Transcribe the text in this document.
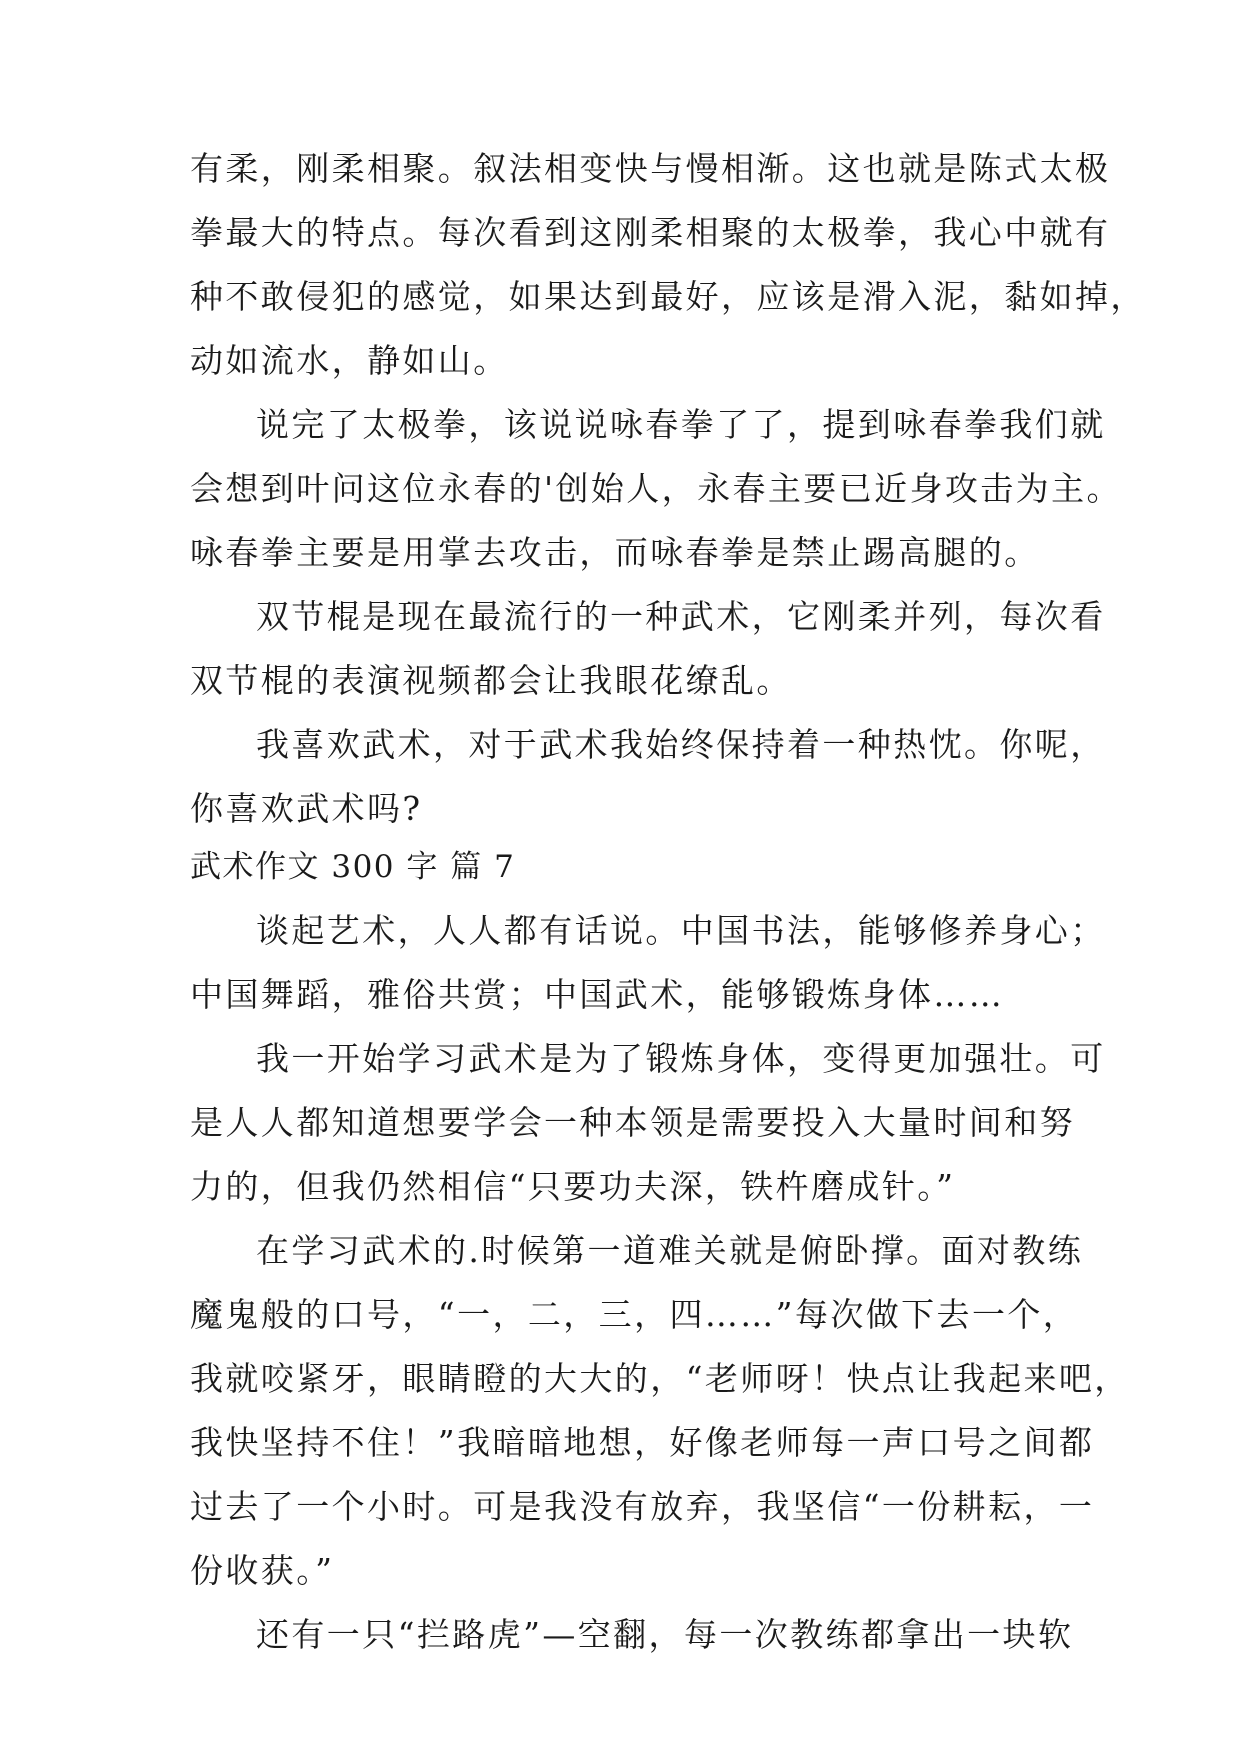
有柔，刚柔相聚。叙法相变快与慢相渐。这也就是陈式太极
拳最大的特点。每次看到这刚柔相聚的太极拳，我心中就有
种不敢侵犯的感觉，如果达到最好，应该是滑入泥，黏如掉，
动如流水，静如山。
说完了太极拳，该说说咏春拳了了，提到咏春拳我们就
会想到叶问这位永春的'创始人，永春主要已近身攻击为主。
咏春拳主要是用掌去攻击，而咏春拳是禁止踢高腿的。
双节棍是现在最流行的一种武术，它刚柔并列，每次看
双节棍的表演视频都会让我眼花缭乱。
我喜欢武术，对于武术我始终保持着一种热忱。你呢，
你喜欢武术吗?
武术作文 300 字 篇 7
谈起艺术，人人都有话说。中国书法，能够修养身心；
中国舞蹈，雅俗共赏；中国武术，能够锻炼身体……
我一开始学习武术是为了锻炼身体，变得更加强壮。可
是人人都知道想要学会一种本领是需要投入大量时间和努
力的，但我仍然相信“只要功夫深，铁杵磨成针。”
在学习武术的.时候第一道难关就是俯卧撑。面对教练
魔鬼般的口号，“一，二，三，四……”每次做下去一个，
我就咬紧牙，眼睛瞪的大大的，“老师呀！快点让我起来吧，
我快坚持不住！”我暗暗地想，好像老师每一声口号之间都
过去了一个小时。可是我没有放弃，我坚信“一份耕耘，一
份收获。”
还有一只“拦路虎”—空翻，每一次教练都拿出一块软
